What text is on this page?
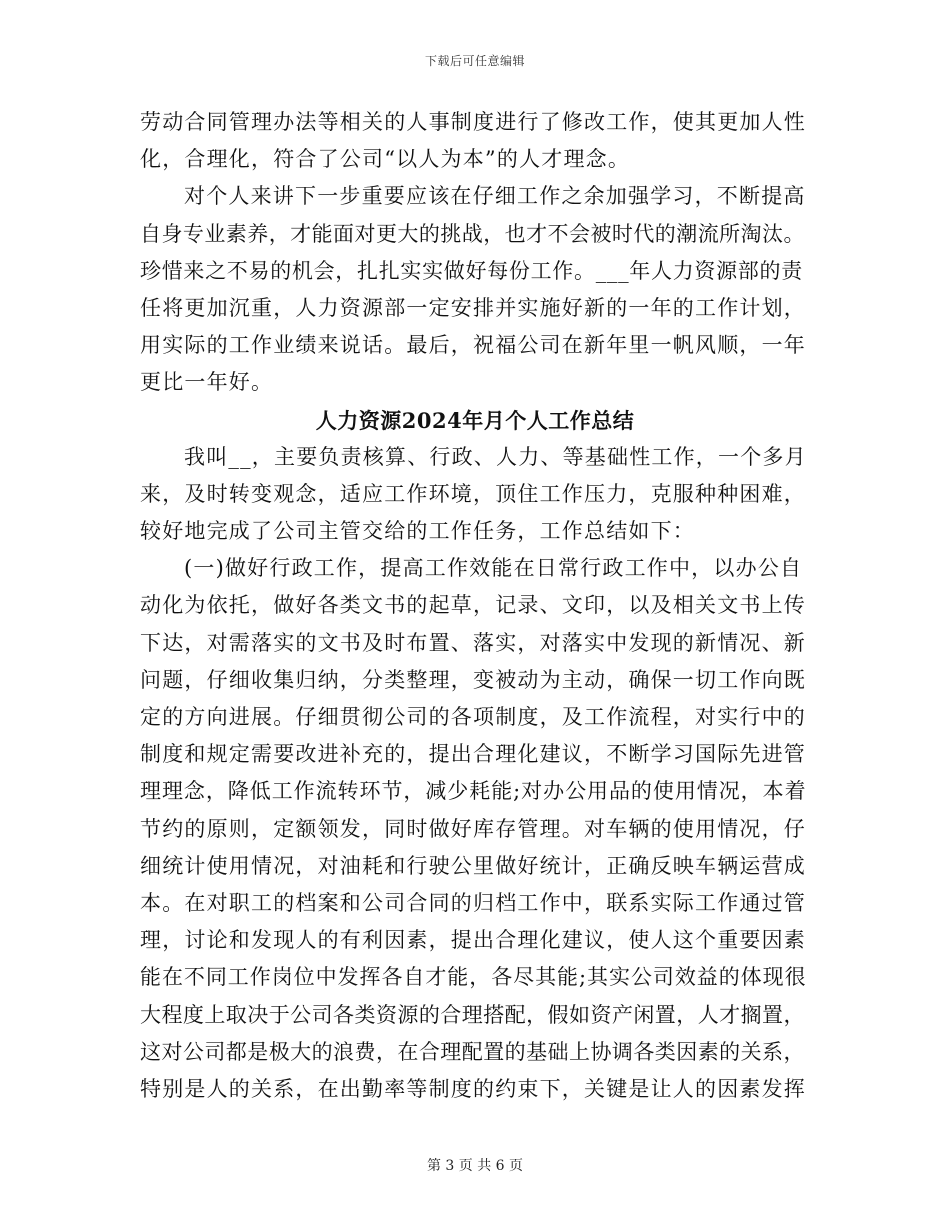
下载后可任意编辑
劳动合同管理办法等相关的人事制度进行了修改工作，使其更加人性
化，合理化，符合了公司“以人为本”的人才理念。
对个人来讲下一步重要应该在仔细工作之余加强学习，不断提高
自身专业素养，才能面对更大的挑战，也才不会被时代的潮流所淘汰。
珍惜来之不易的机会，扎扎实实做好每份工作。___年人力资源部的责
任将更加沉重，人力资源部一定安排并实施好新的一年的工作计划，
用实际的工作业绩来说话。最后，祝福公司在新年里一帆风顺，一年
更比一年好。
人力资源2024年月个人工作总结
我叫__，主要负责核算、行政、人力、等基础性工作，一个多月
来，及时转变观念，适应工作环境，顶住工作压力，克服种种困难，
较好地完成了公司主管交给的工作任务，工作总结如下：
(一)做好行政工作，提高工作效能在日常行政工作中，以办公自
动化为依托，做好各类文书的起草，记录、文印，以及相关文书上传
下达，对需落实的文书及时布置、落实，对落实中发现的新情况、新
问题，仔细收集归纳，分类整理，变被动为主动，确保一切工作向既
定的方向进展。仔细贯彻公司的各项制度，及工作流程，对实行中的
制度和规定需要改进补充的，提出合理化建议，不断学习国际先进管
理理念，降低工作流转环节，减少耗能;对办公用品的使用情况，本着
节约的原则，定额领发，同时做好库存管理。对车辆的使用情况，仔
细统计使用情况，对油耗和行驶公里做好统计，正确反映车辆运营成
本。在对职工的档案和公司合同的归档工作中，联系实际工作通过管
理，讨论和发现人的有利因素，提出合理化建议，使人这个重要因素
能在不同工作岗位中发挥各自才能，各尽其能;其实公司效益的体现很
大程度上取决于公司各类资源的合理搭配，假如资产闲置，人才搁置，
这对公司都是极大的浪费，在合理配置的基础上协调各类因素的关系，
特别是人的关系，在出勤率等制度的约束下，关键是让人的因素发挥
第 3 页 共 6 页
